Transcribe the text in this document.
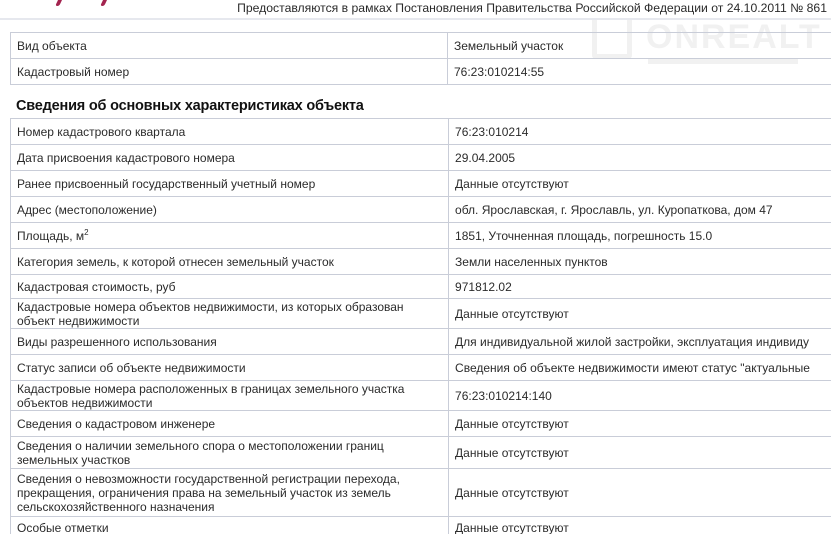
Предоставляются в рамках Постановления Правительства Российской Федерации от 24.10.2011 № 861
ONREALT
Вид объекта	Земельный участок
Кадастровый номер	76:23:010214:55
Сведения об основных характеристиках объекта
Номер кадастрового квартала	76:23:010214
Дата присвоения кадастрового номера	29.04.2005
Ранее присвоенный государственный учетный номер	Данные отсутствуют
Адрес (местоположение)	обл. Ярославская, г. Ярославль, ул. Куропаткова, дом 47
Площадь, $м^2$	1851, Уточненная площадь, погрешность 15.0
Категория земель, к которой отнесен земельный участок	Земли населенных пунктов
Кадастровая стоимость, руб	971812.02
Кадастровые номера объектов недвижимости, из которых образован объект недвижимости	Данные отсутствуют
Виды разрешенного использования	Для индивидуальной жилой застройки, эксплуатация индивиду
Статус записи об объекте недвижимости	Сведения об объекте недвижимости имеют статус "актуальные
Кадастровые номера расположенных в границах земельного участка объектов недвижимости	76:23:010214:140
Сведения о кадастровом инженере	Данные отсутствуют
Сведения о наличии земельного спора о местоположении границ земельных участков	Данные отсутствуют
Сведения о невозможности государственной регистрации перехода, прекращения, ограничения права на земельный участок из земель сельскохозяйственного назначения	Данные отсутствуют
Особые отметки	Данные отсутствуют
